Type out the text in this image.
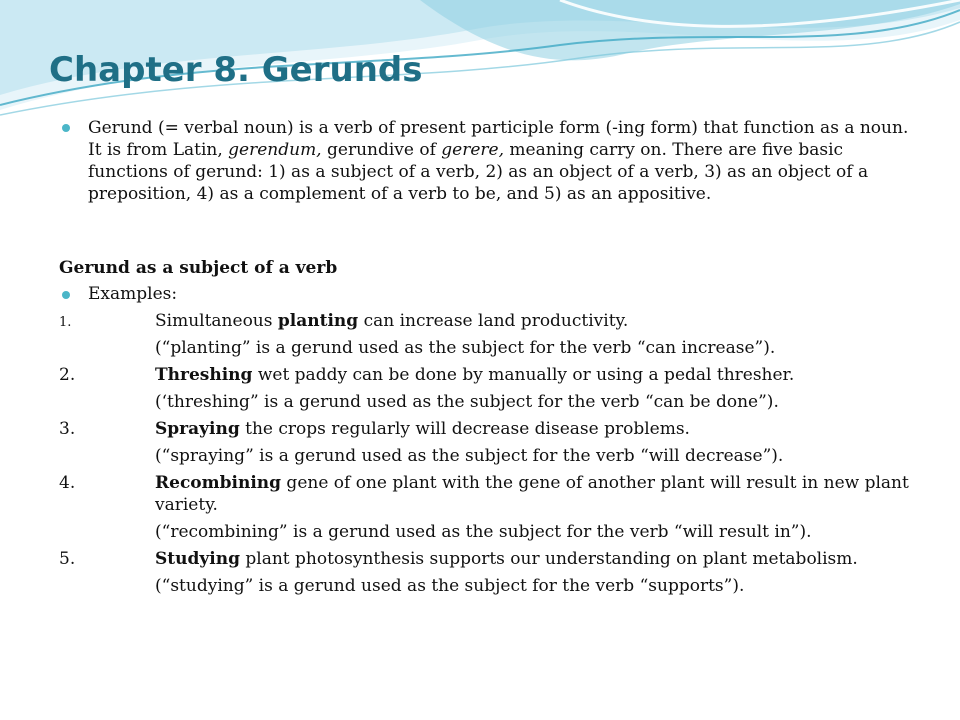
Chapter 8. Gerunds

Gerund (= verbal noun) is a verb of present participle form (-ing form) that function as a noun. It is from Latin, gerendum, gerundive of gerere, meaning carry on. There are five basic functions of gerund: 1) as a subject of a verb, 2) as an object of a verb, 3) as an object of a preposition, 4) as a complement of a verb to be, and 5) as an appositive.

Gerund as a subject of a verb

Examples:

1.	Simultaneous planting can increase land productivity.
(“planting” is a gerund used as the subject for the verb “can increase”).
2.	Threshing wet paddy can be done by manually or using a pedal thresher.
(‘threshing” is a gerund used as the subject for the verb “can be done”).
3.	Spraying the crops regularly will decrease disease problems.
(“spraying” is a gerund used as the subject for the verb “will decrease”).
4.	Recombining gene of one plant with the gene of another plant will result in new plant variety.
(“recombining” is a gerund used as the subject for the verb “will result in”).
5.	Studying plant photosynthesis supports our understanding on plant metabolism.
(“studying” is a gerund used as the subject for the verb “supports”).
